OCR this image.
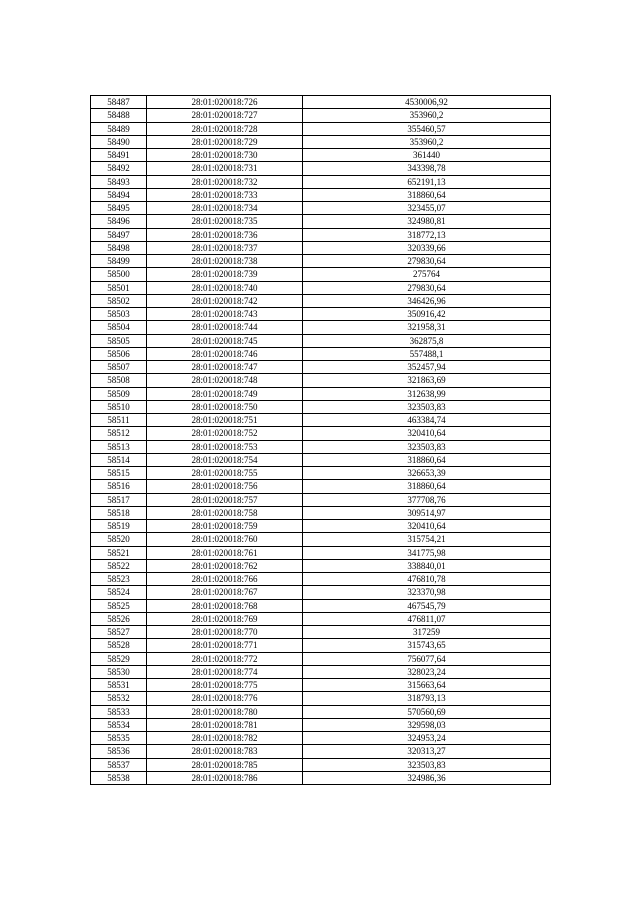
58487	28:01:020018:726	4530006,92
58488	28:01:020018:727	353960,2
58489	28:01:020018:728	355460,57
58490	28:01:020018:729	353960,2
58491	28:01:020018:730	361440
58492	28:01:020018:731	343398,78
58493	28:01:020018:732	652191,13
58494	28:01:020018:733	318860,64
58495	28:01:020018:734	323455,07
58496	28:01:020018:735	324980,81
58497	28:01:020018:736	318772,13
58498	28:01:020018:737	320339,66
58499	28:01:020018:738	279830,64
58500	28:01:020018:739	275764
58501	28:01:020018:740	279830,64
58502	28:01:020018:742	346426,96
58503	28:01:020018:743	350916,42
58504	28:01:020018:744	321958,31
58505	28:01:020018:745	362875,8
58506	28:01:020018:746	557488,1
58507	28:01:020018:747	352457,94
58508	28:01:020018:748	321863,69
58509	28:01:020018:749	312638,99
58510	28:01:020018:750	323503,83
58511	28:01:020018:751	463384,74
58512	28:01:020018:752	320410,64
58513	28:01:020018:753	323503,83
58514	28:01:020018:754	318860,64
58515	28:01:020018:755	326653,39
58516	28:01:020018:756	318860,64
58517	28:01:020018:757	377708,76
58518	28:01:020018:758	309514,97
58519	28:01:020018:759	320410,64
58520	28:01:020018:760	315754,21
58521	28:01:020018:761	341775,98
58522	28:01:020018:762	338840,01
58523	28:01:020018:766	476810,78
58524	28:01:020018:767	323370,98
58525	28:01:020018:768	467545,79
58526	28:01:020018:769	476811,07
58527	28:01:020018:770	317259
58528	28:01:020018:771	315743,65
58529	28:01:020018:772	756077,64
58530	28:01:020018:774	328023,24
58531	28:01:020018:775	315663,64
58532	28:01:020018:776	318793,13
58533	28:01:020018:780	570560,69
58534	28:01:020018:781	329598,03
58535	28:01:020018:782	324953,24
58536	28:01:020018:783	320313,27
58537	28:01:020018:785	323503,83
58538	28:01:020018:786	324986,36
